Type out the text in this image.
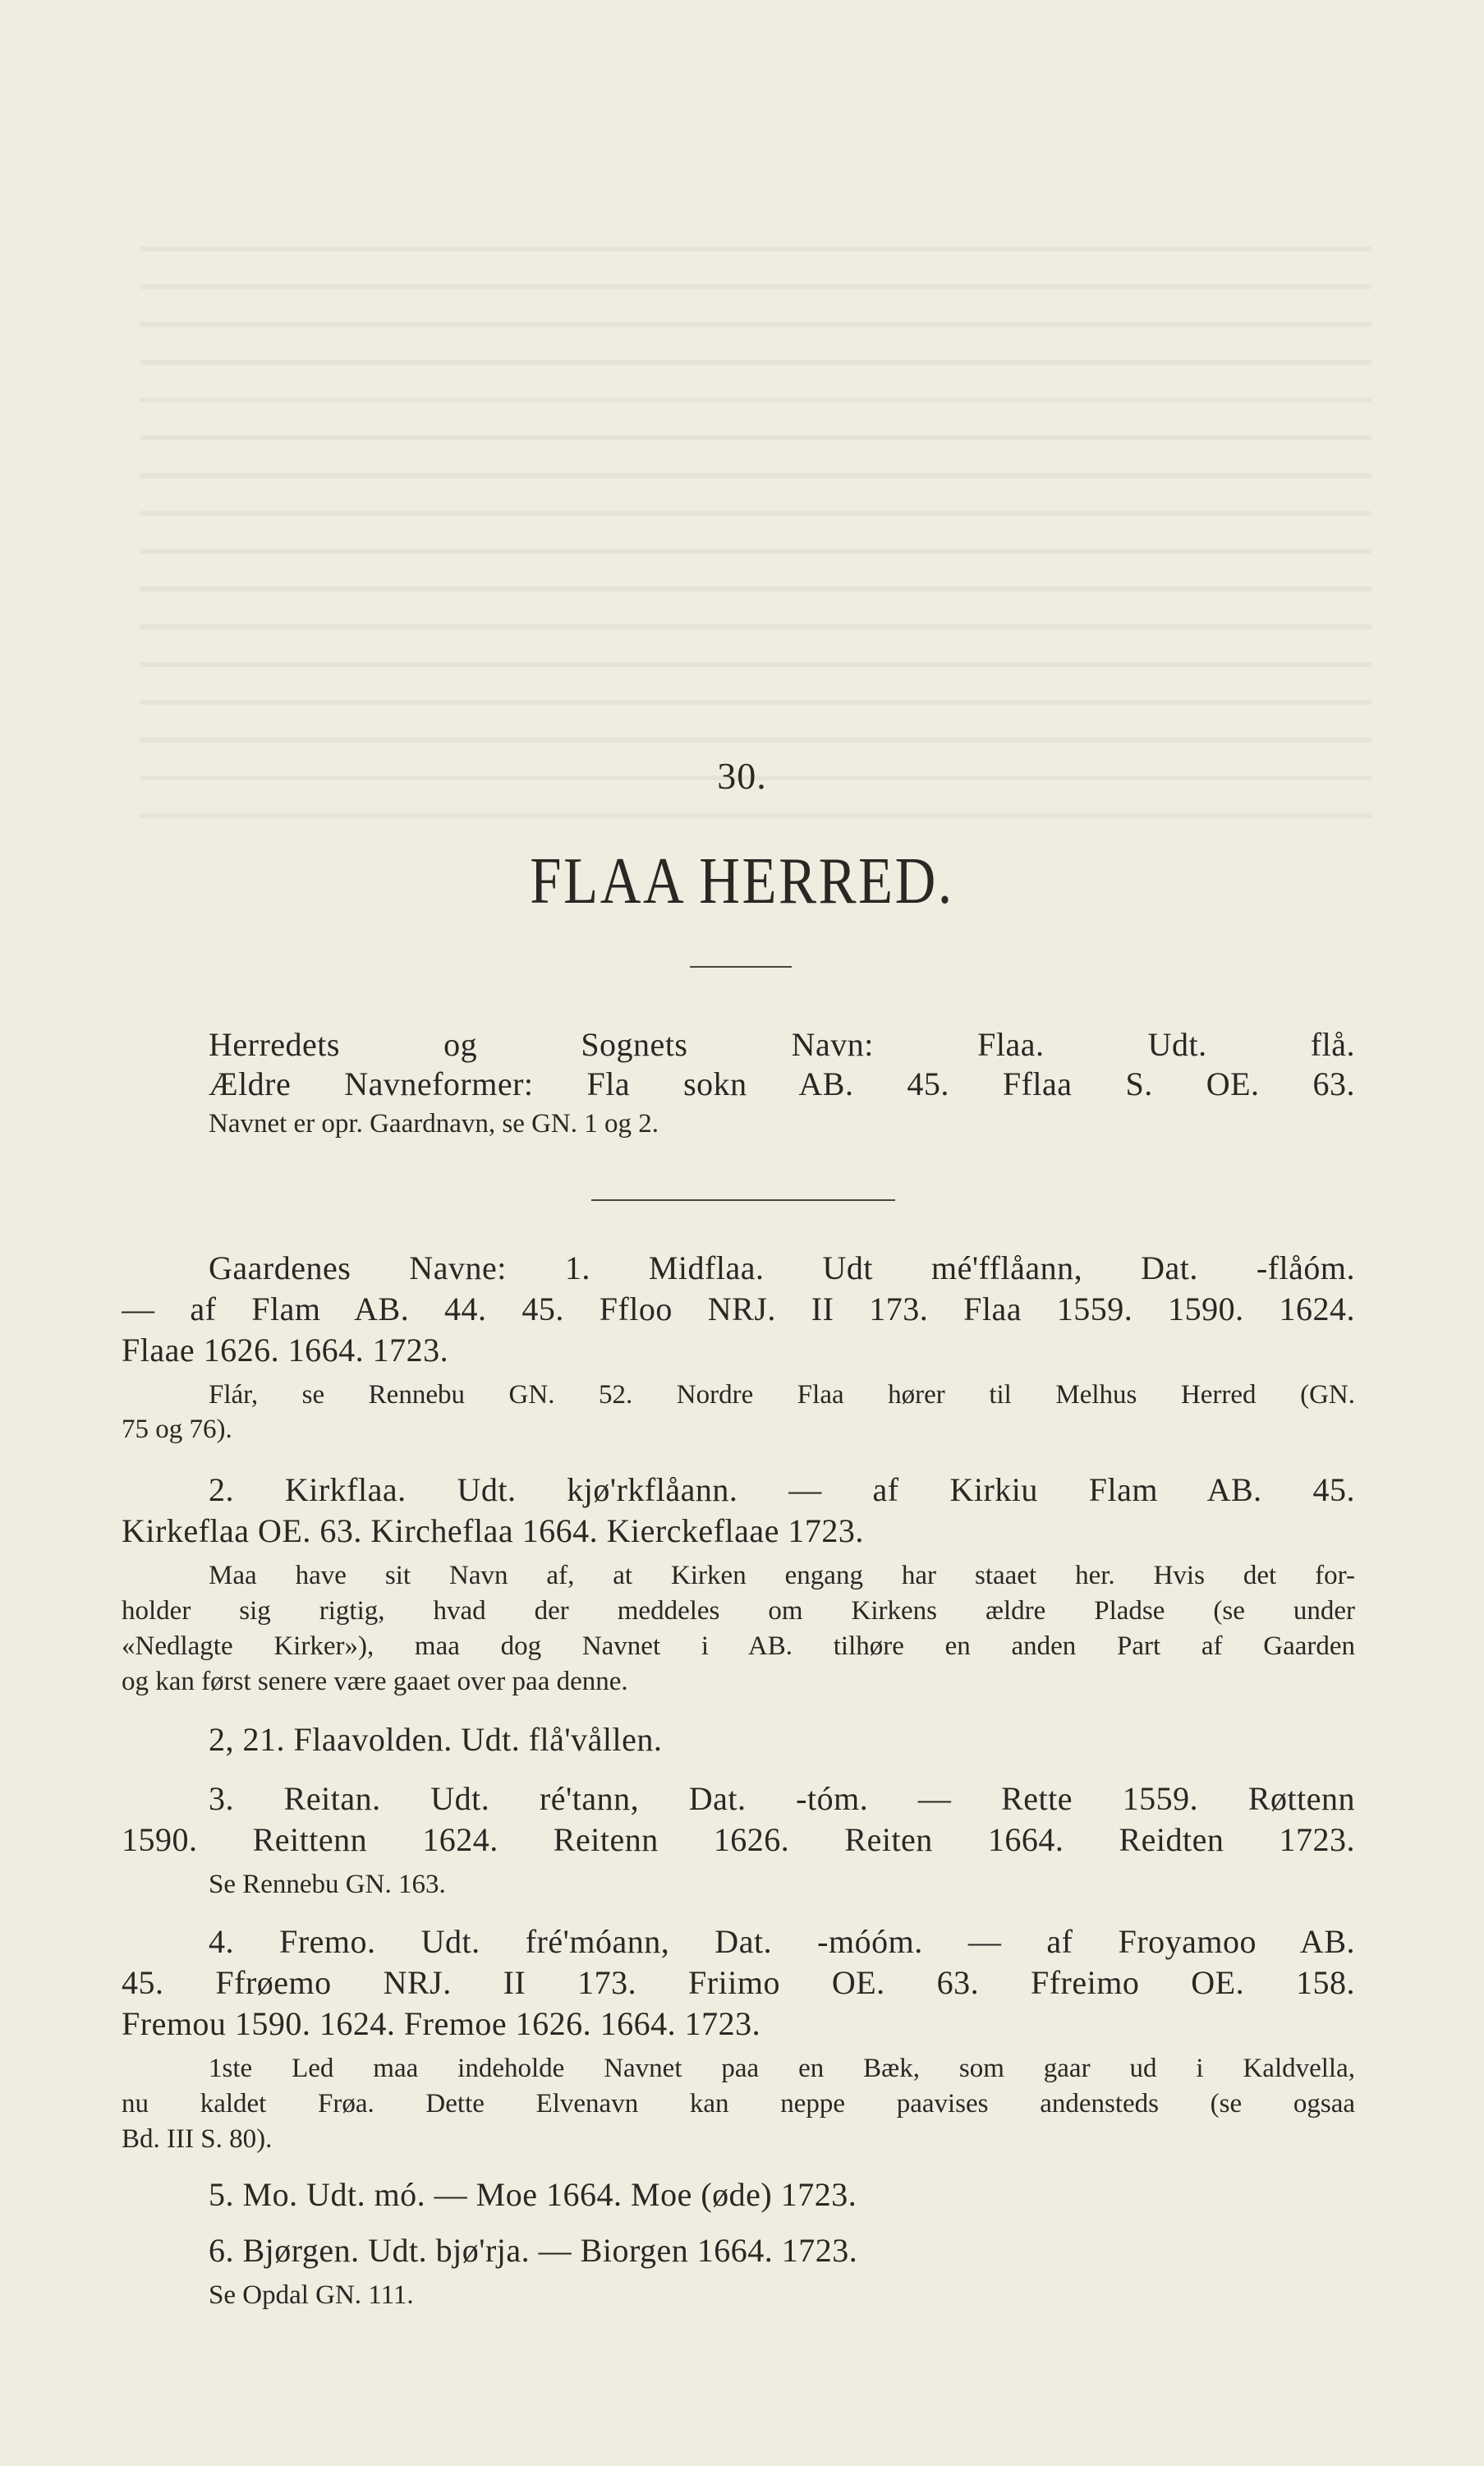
30.
FLAA HERRED.
Herredets og Sognets Navn: Flaa. Udt. flå.
Ældre Navneformer: Fla sokn AB. 45. Fflaa S. OE. 63.
Navnet er opr. Gaardnavn, se GN. 1 og 2.
Gaardenes Navne: 1. Midflaa. Udt mé'fflåann, Dat. -flåóm.
— af Flam AB. 44. 45. Ffloo NRJ. II 173. Flaa 1559. 1590. 1624.
Flaae 1626. 1664. 1723.
Flár, se Rennebu GN. 52. Nordre Flaa hører til Melhus Herred (GN.
75 og 76).
2. Kirkflaa. Udt. kjø'rkflåann. — af Kirkiu Flam AB. 45.
Kirkeflaa OE. 63. Kircheflaa 1664. Kierckeflaae 1723.
Maa have sit Navn af, at Kirken engang har staaet her. Hvis det for-
holder sig rigtig, hvad der meddeles om Kirkens ældre Pladse (se under
«Nedlagte Kirker»), maa dog Navnet i AB. tilhøre en anden Part af Gaarden
og kan først senere være gaaet over paa denne.
2, 21. Flaavolden. Udt. flå'vållen.
3. Reitan. Udt. ré'tann, Dat. -tóm. — Rette 1559. Røttenn
1590. Reittenn 1624. Reitenn 1626. Reiten 1664. Reidten 1723.
Se Rennebu GN. 163.
4. Fremo. Udt. fré'móann, Dat. -móóm. — af Froyamoo AB.
45. Ffrøemo NRJ. II 173. Friimo OE. 63. Ffreimo OE. 158.
Fremou 1590. 1624. Fremoe 1626. 1664. 1723.
1ste Led maa indeholde Navnet paa en Bæk, som gaar ud i Kaldvella,
nu kaldet Frøa. Dette Elvenavn kan neppe paavises andensteds (se ogsaa
Bd. III S. 80).
5. Mo. Udt. mó. — Moe 1664. Moe (øde) 1723.
6. Bjørgen. Udt. bjø'rja. — Biorgen 1664. 1723.
Se Opdal GN. 111.
